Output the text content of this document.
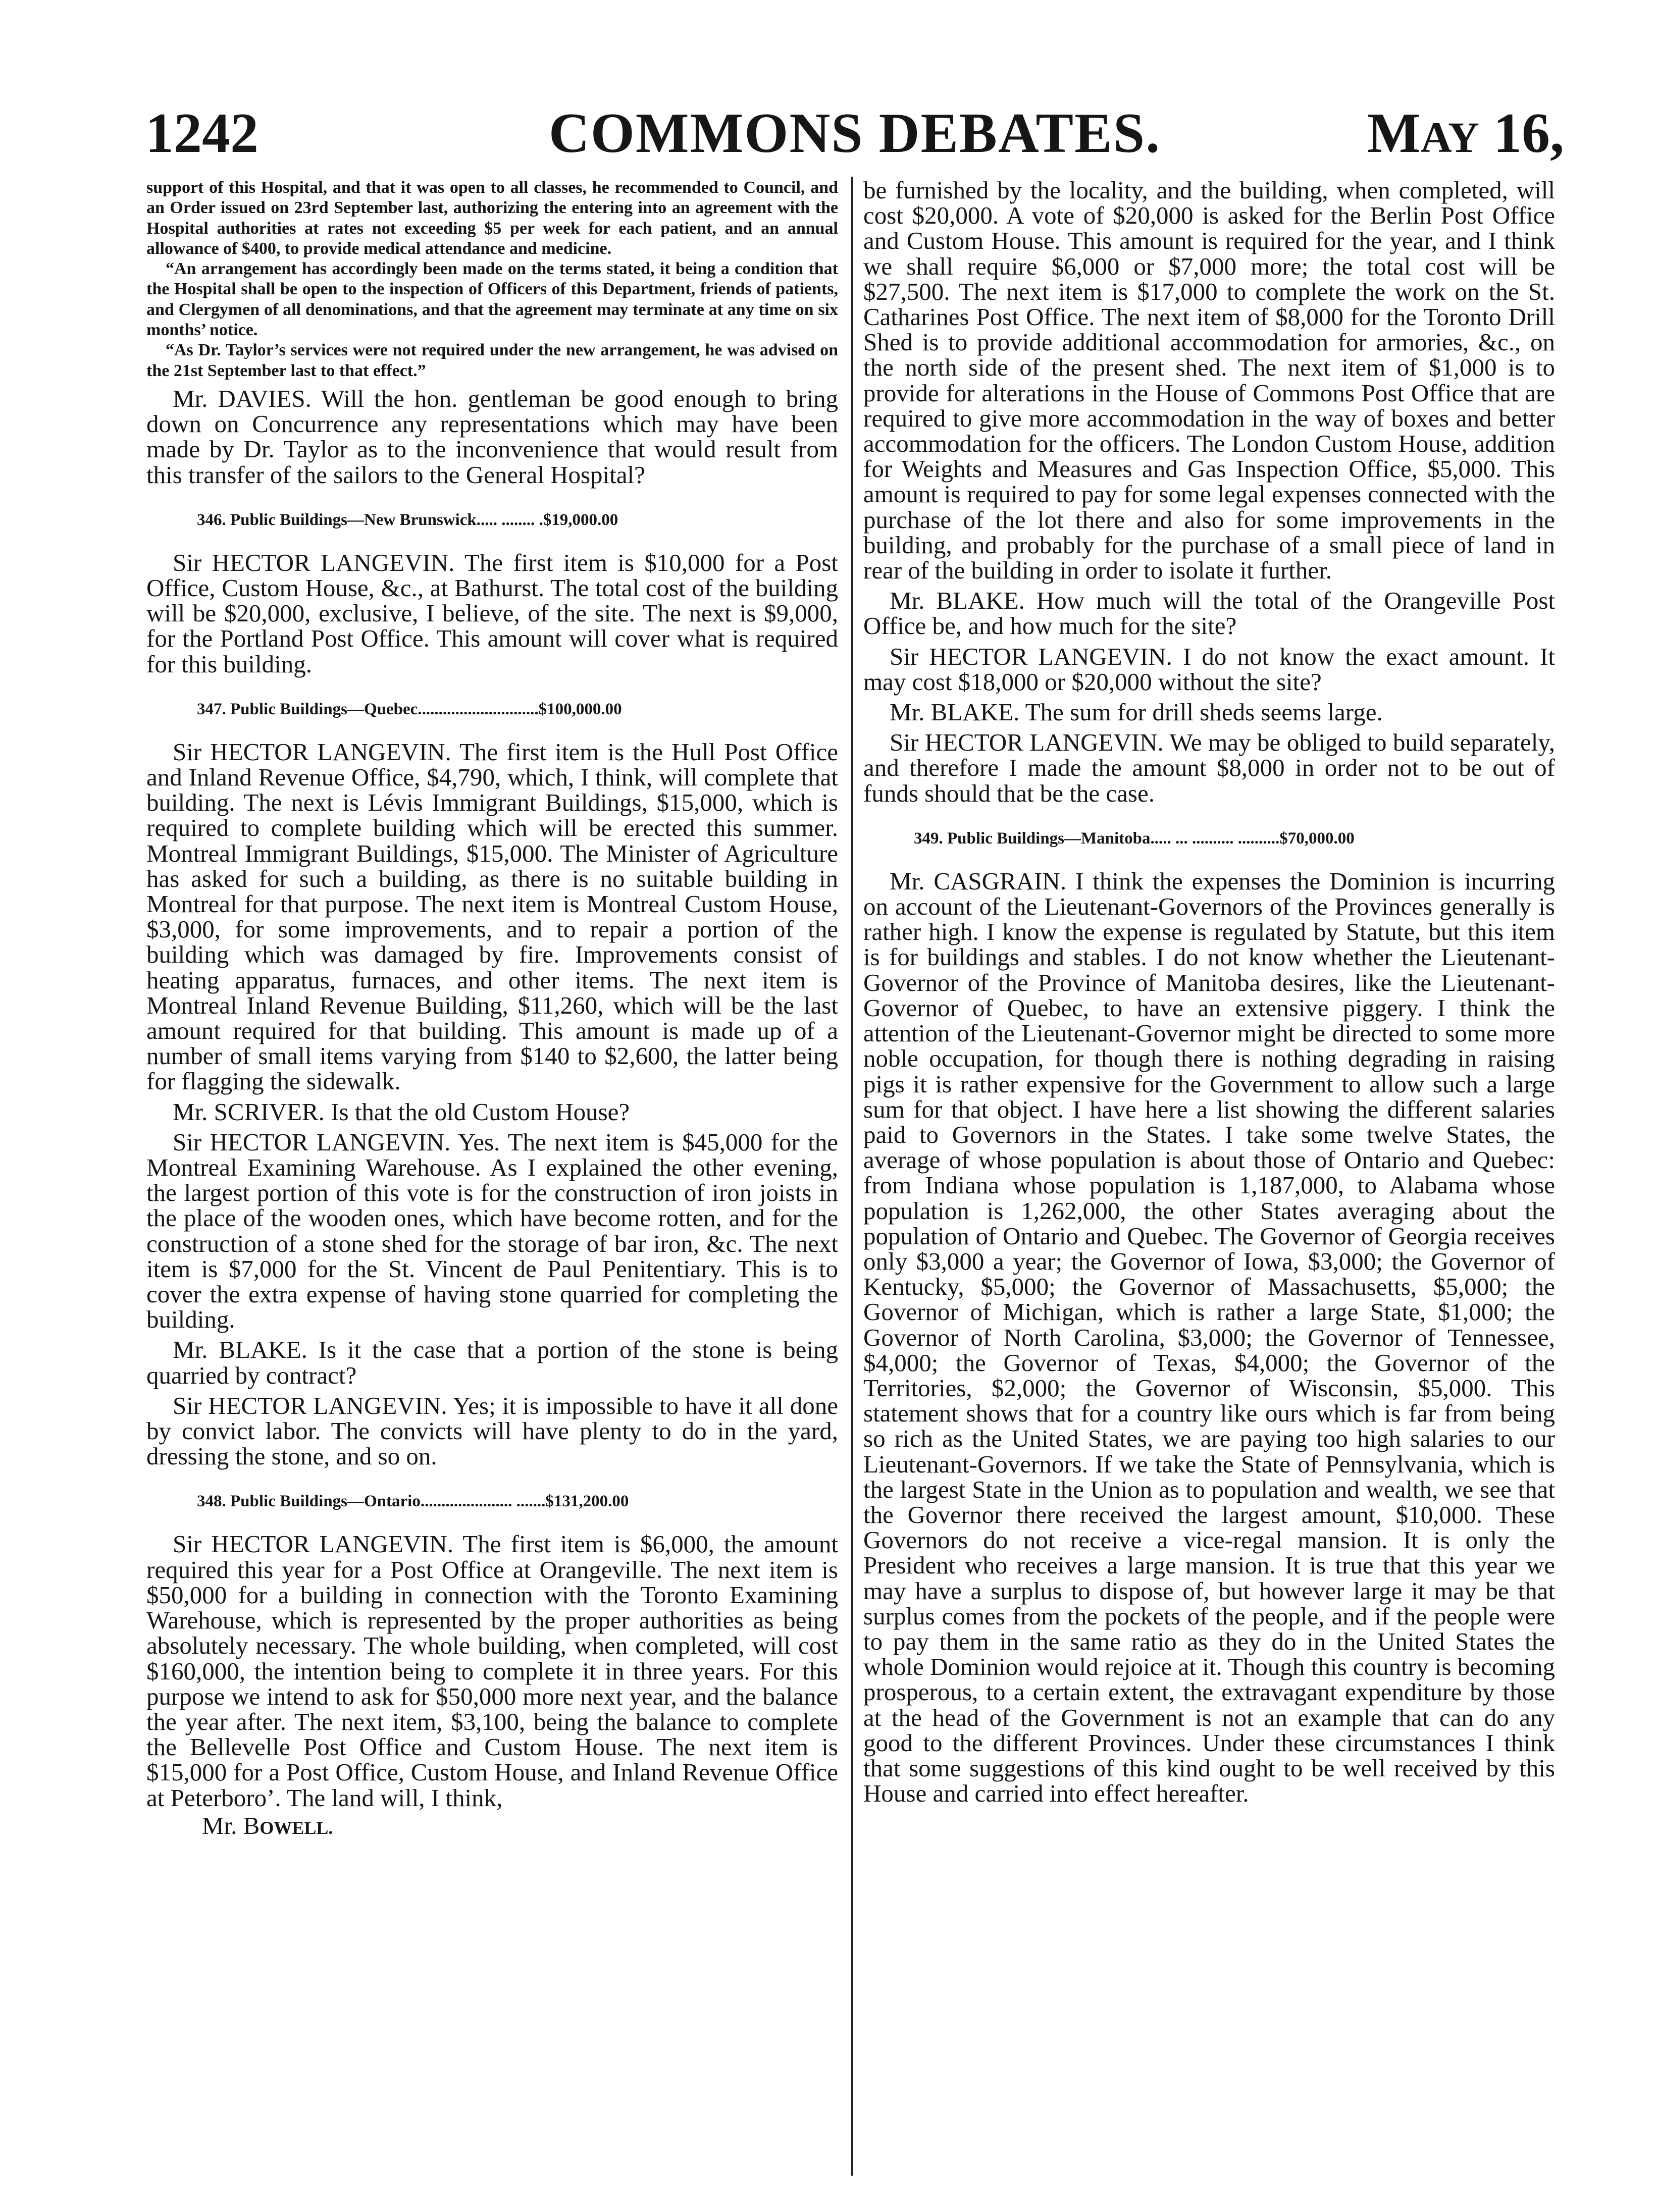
1242	COMMONS DEBATES.	MAY 16,

support of this Hospital, and that it was open to all classes, he recommended to Council, and an Order issued on 23rd September last, authorizing the entering into an agreement with the Hospital authorities at rates not exceeding $5 per week for each patient, and an annual allowance of $400, to provide medical attendance and medicine.

“An arrangement has accordingly been made on the terms stated, it being a condition that the Hospital shall be open to the inspection of Officers of this Department, friends of patients, and Clergymen of all denominations, and that the agreement may terminate at any time on six months’ notice.

“As Dr. Taylor’s services were not required under the new arrangement, he was advised on the 21st September last to that effect.”

Mr. DAVIES. Will the hon. gentleman be good enough to bring down on Concurrence any representations which may have been made by Dr. Taylor as to the inconvenience that would result from this transfer of the sailors to the General Hospital?

346. Public Buildings—New Brunswick..... ........ .$19,000.00

Sir HECTOR LANGEVIN. The first item is $10,000 for a Post Office, Custom House, &c., at Bathurst. The total cost of the building will be $20,000, exclusive, I believe, of the site. The next is $9,000, for the Portland Post Office. This amount will cover what is required for this building.

347. Public Buildings—Quebec.............................$100,000.00

Sir HECTOR LANGEVIN. The first item is the Hull Post Office and Inland Revenue Office, $4,790, which, I think, will complete that building. The next is Lévis Immigrant Buildings, $15,000, which is required to complete building which will be erected this summer. Montreal Immigrant Buildings, $15,000. The Minister of Agriculture has asked for such a building, as there is no suitable building in Montreal for that purpose. The next item is Montreal Custom House, $3,000, for some improvements, and to repair a portion of the building which was damaged by fire. Improvements consist of heating apparatus, furnaces, and other items. The next item is Montreal Inland Revenue Building, $11,260, which will be the last amount required for that building. This amount is made up of a number of small items varying from $140 to $2,600, the latter being for flagging the sidewalk.

Mr. SCRIVER. Is that the old Custom House?

Sir HECTOR LANGEVIN. Yes. The next item is $45,000 for the Montreal Examining Warehouse. As I explained the other evening, the largest portion of this vote is for the construction of iron joists in the place of the wooden ones, which have become rotten, and for the construction of a stone shed for the storage of bar iron, &c. The next item is $7,000 for the St. Vincent de Paul Penitentiary. This is to cover the extra expense of having stone quarried for completing the building.

Mr. BLAKE. Is it the case that a portion of the stone is being quarried by contract?

Sir HECTOR LANGEVIN. Yes; it is impossible to have it all done by convict labor. The convicts will have plenty to do in the yard, dressing the stone, and so on.

348. Public Buildings—Ontario...................... .......$131,200.00

Sir HECTOR LANGEVIN. The first item is $6,000, the amount required this year for a Post Office at Orangeville. The next item is $50,000 for a building in connection with the Toronto Examining Warehouse, which is represented by the proper authorities as being absolutely necessary. The whole building, when completed, will cost $160,000, the intention being to complete it in three years. For this purpose we intend to ask for $50,000 more next year, and the balance the year after. The next item, $3,100, being the balance to complete the Bellevelle Post Office and Custom House. The next item is $15,000 for a Post Office, Custom House, and Inland Revenue Office at Peterboro’. The land will, I think,

Mr. BOWELL.

be furnished by the locality, and the building, when completed, will cost $20,000. A vote of $20,000 is asked for the Berlin Post Office and Custom House. This amount is required for the year, and I think we shall require $6,000 or $7,000 more; the total cost will be $27,500. The next item is $17,000 to complete the work on the St. Catharines Post Office. The next item of $8,000 for the Toronto Drill Shed is to provide additional accommodation for armories, &c., on the north side of the present shed. The next item of $1,000 is to provide for alterations in the House of Commons Post Office that are required to give more accommodation in the way of boxes and better accommodation for the officers. The London Custom House, addition for Weights and Measures and Gas Inspection Office, $5,000. This amount is required to pay for some legal expenses connected with the purchase of the lot there and also for some improvements in the building, and probably for the purchase of a small piece of land in rear of the building in order to isolate it further.

Mr. BLAKE. How much will the total of the Orangeville Post Office be, and how much for the site?

Sir HECTOR LANGEVIN. I do not know the exact amount. It may cost $18,000 or $20,000 without the site?

Mr. BLAKE. The sum for drill sheds seems large.

Sir HECTOR LANGEVIN. We may be obliged to build separately, and therefore I made the amount $8,000 in order not to be out of funds should that be the case.

349. Public Buildings—Manitoba..... ... .......... ..........$70,000.00

Mr. CASGRAIN. I think the expenses the Dominion is incurring on account of the Lieutenant-Governors of the Provinces generally is rather high. I know the expense is regulated by Statute, but this item is for buildings and stables. I do not know whether the Lieutenant-Governor of the Province of Manitoba desires, like the Lieutenant-Governor of Quebec, to have an extensive piggery. I think the attention of the Lieutenant-Governor might be directed to some more noble occupation, for though there is nothing degrading in raising pigs it is rather expensive for the Government to allow such a large sum for that object. I have here a list showing the different salaries paid to Governors in the States. I take some twelve States, the average of whose population is about those of Ontario and Quebec: from Indiana whose population is 1,187,000, to Alabama whose population is 1,262,000, the other States averaging about the population of Ontario and Quebec. The Governor of Georgia receives only $3,000 a year; the Governor of Iowa, $3,000; the Governor of Kentucky, $5,000; the Governor of Massachusetts, $5,000; the Governor of Michigan, which is rather a large State, $1,000; the Governor of North Carolina, $3,000; the Governor of Tennessee, $4,000; the Governor of Texas, $4,000; the Governor of the Territories, $2,000; the Governor of Wisconsin, $5,000. This statement shows that for a country like ours which is far from being so rich as the United States, we are paying too high salaries to our Lieutenant-Governors. If we take the State of Pennsylvania, which is the largest State in the Union as to population and wealth, we see that the Governor there received the largest amount, $10,000. These Governors do not receive a vice-regal mansion. It is only the President who receives a large mansion. It is true that this year we may have a surplus to dispose of, but however large it may be that surplus comes from the pockets of the people, and if the people were to pay them in the same ratio as they do in the United States the whole Dominion would rejoice at it. Though this country is becoming prosperous, to a certain extent, the extravagant expenditure by those at the head of the Government is not an example that can do any good to the different Provinces. Under these circumstances I think that some suggestions of this kind ought to be well received by this House and carried into effect hereafter.
